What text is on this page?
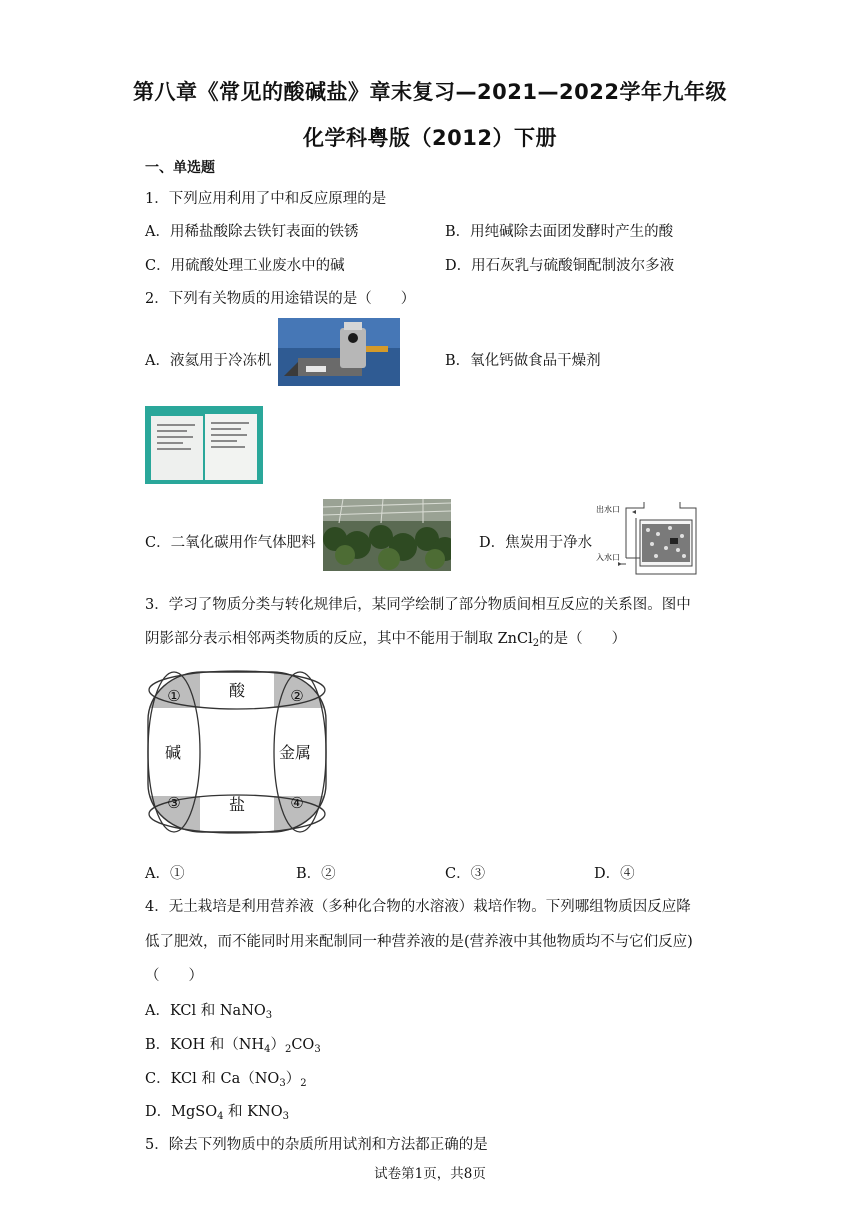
第八章《常见的酸碱盐》章末复习—2021—2022学年九年级
化学科粤版（2012）下册
一、单选题
1．下列应用利用了中和反应原理的是
A．用稀盐酸除去铁钉表面的铁锈	B．用纯碱除去面团发酵时产生的酸
C．用硫酸处理工业废水中的碱	D．用石灰乳与硫酸铜配制波尔多液
2．下列有关物质的用途错误的是（　　）
A．液氦用于冷冻机	B．氧化钙做食品干燥剂
C．二氧化碳用作气体肥料	D．焦炭用于净水
出水口
入水口
3．学习了物质分类与转化规律后，某同学绘制了部分物质间相互反应的关系图。图中
阴影部分表示相邻两类物质的反应，其中不能用于制取 ZnCl$_2$的是（　　）
酸
碱	金属
盐
①	②
③	④
A．①	B．②	C．③	D．④
4．无土栽培是利用营养液（多种化合物的水溶液）栽培作物。下列哪组物质因反应降
低了肥效，而不能同时用来配制同一种营养液的是(营养液中其他物质均不与它们反应)
（　　）
A．KCl 和 NaNO$_3$
B．KOH 和$(NH_4)_2CO_3$
C．KCl 和 $Ca(NO_3)_2$
D．MgSO$_4$ 和 $KNO_3$
5．除去下列物质中的杂质所用试剂和方法都正确的是
试卷第1页，共8页
